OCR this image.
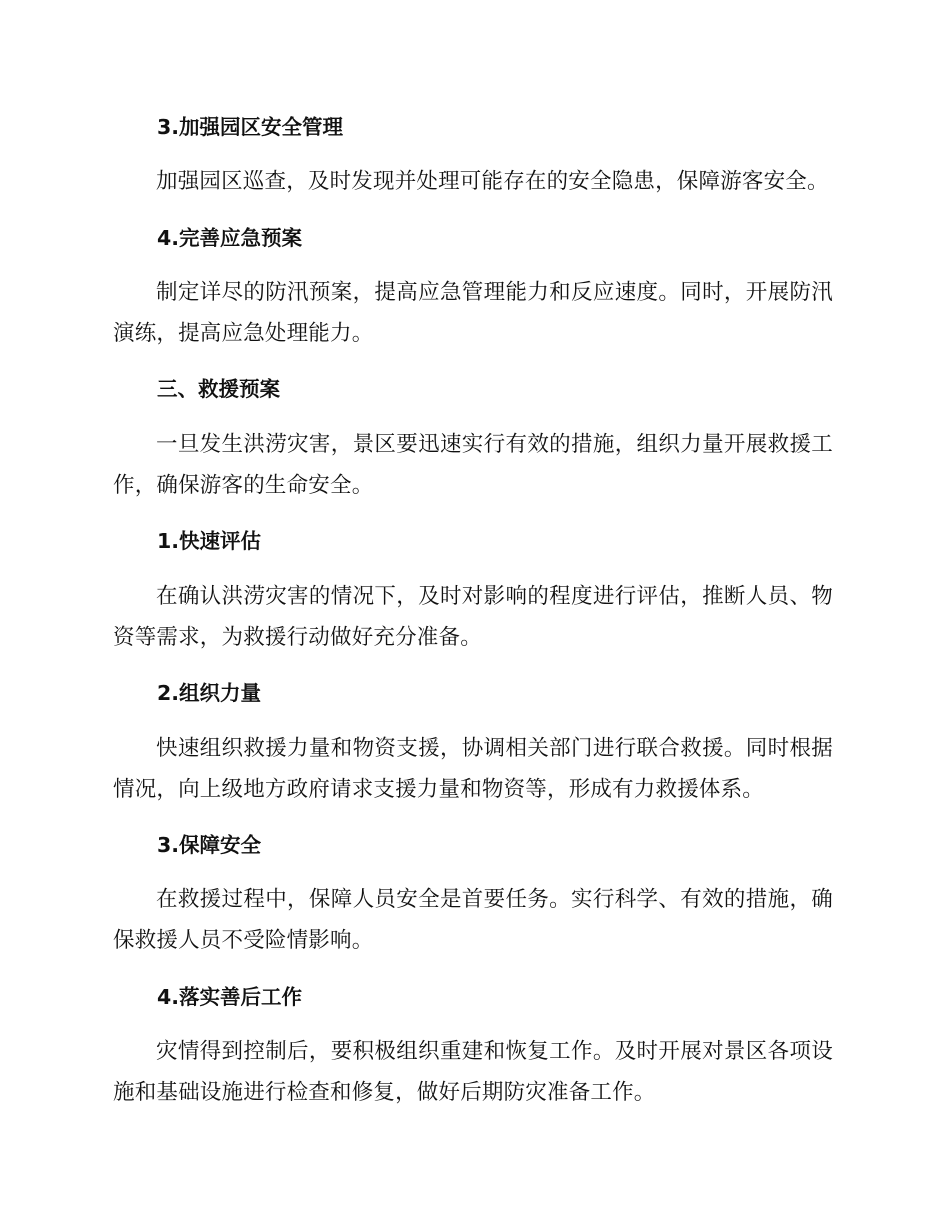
3.加强园区安全管理
加强园区巡查，及时发现并处理可能存在的安全隐患，保障游客安全。
4.完善应急预案
制定详尽的防汛预案，提高应急管理能力和反应速度。同时，开展防汛演练，提高应急处理能力。
三、救援预案
一旦发生洪涝灾害，景区要迅速实行有效的措施，组织力量开展救援工作，确保游客的生命安全。
1.快速评估
在确认洪涝灾害的情况下，及时对影响的程度进行评估，推断人员、物资等需求，为救援行动做好充分准备。
2.组织力量
快速组织救援力量和物资支援，协调相关部门进行联合救援。同时根据情况，向上级地方政府请求支援力量和物资等，形成有力救援体系。
3.保障安全
在救援过程中，保障人员安全是首要任务。实行科学、有效的措施，确保救援人员不受险情影响。
4.落实善后工作
灾情得到控制后，要积极组织重建和恢复工作。及时开展对景区各项设施和基础设施进行检查和修复，做好后期防灾准备工作。
